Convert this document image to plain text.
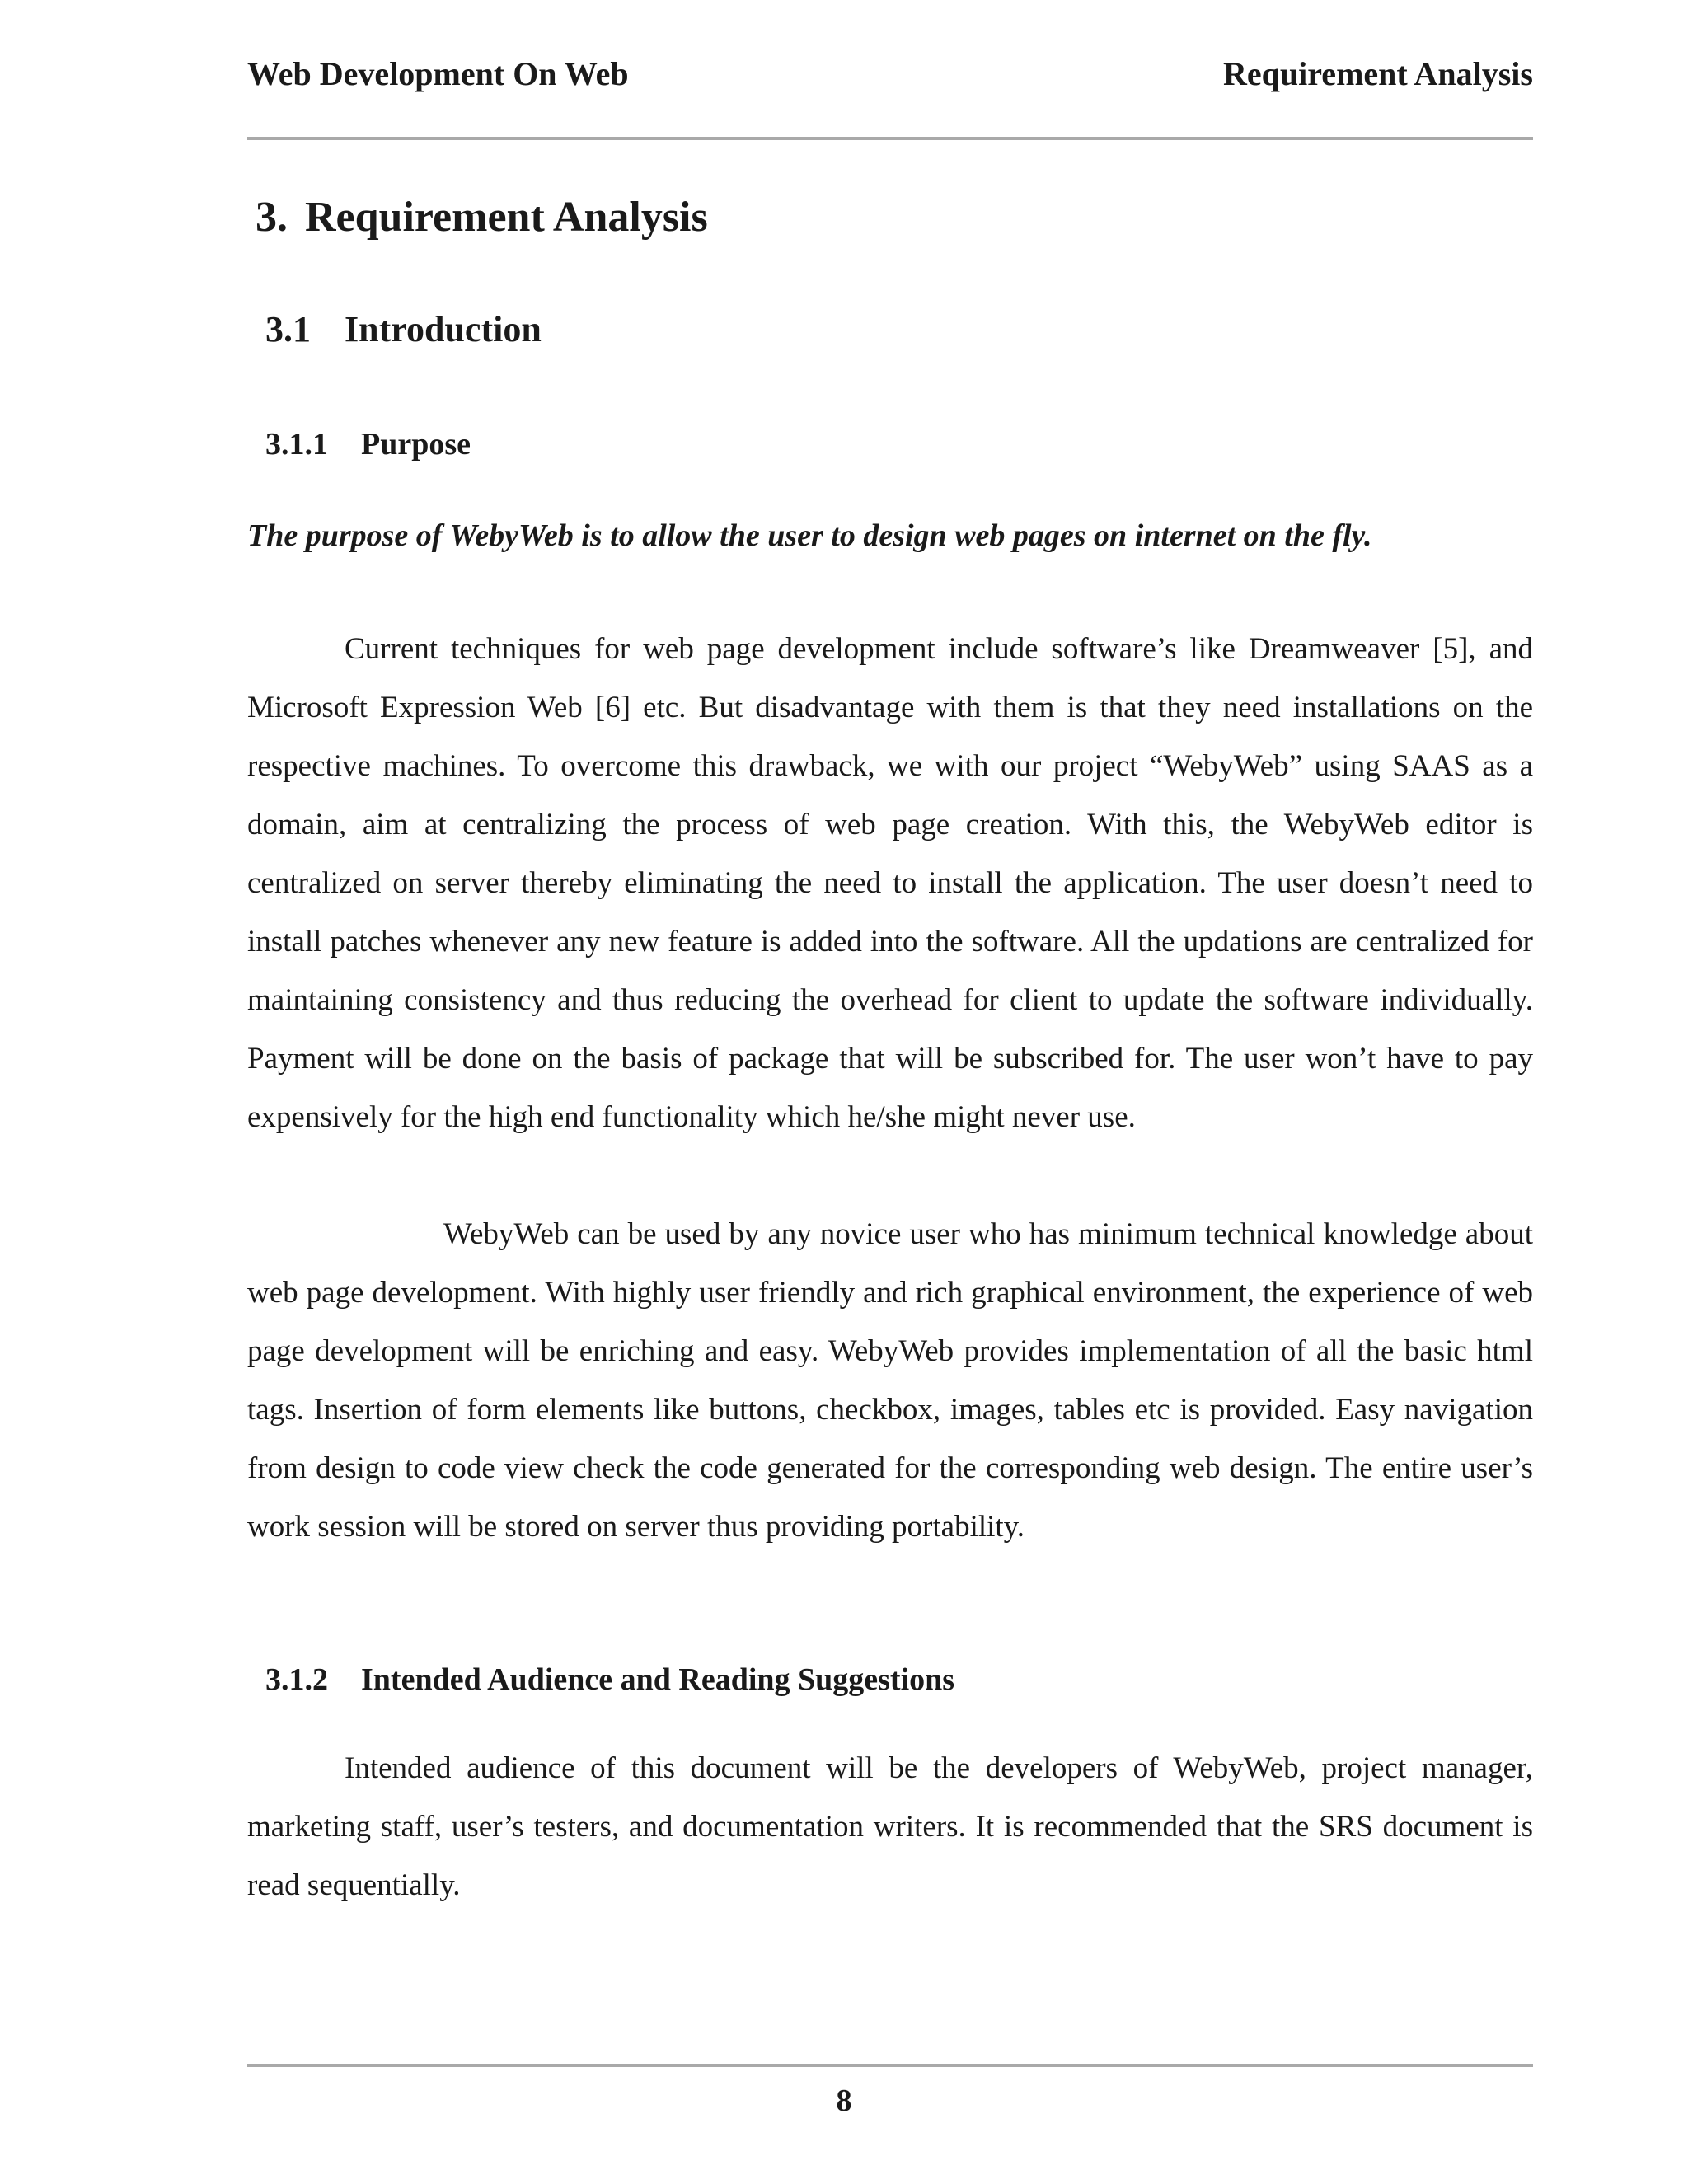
Web Development On Web	Requirement Analysis
3. Requirement Analysis
3.1 Introduction
3.1.1 Purpose
The purpose of WebyWeb is to allow the user to design web pages on internet on the fly.

Current techniques for web page development include software’s like Dreamweaver [5], and Microsoft Expression Web [6] etc. But disadvantage with them is that they need installations on the respective machines. To overcome this drawback, we with our project “WebyWeb” using SAAS as a domain, aim at centralizing the process of web page creation. With this, the WebyWeb editor is centralized on server thereby eliminating the need to install the application. The user doesn’t need to install patches whenever any new feature is added into the software. All the updations are centralized for maintaining consistency and thus reducing the overhead for client to update the software individually. Payment will be done on the basis of package that will be subscribed for. The user won’t have to pay expensively for the high end functionality which he/she might never use.

WebyWeb can be used by any novice user who has minimum technical knowledge about web page development. With highly user friendly and rich graphical environment, the experience of web page development will be enriching and easy. WebyWeb provides implementation of all the basic html tags. Insertion of form elements like buttons, checkbox, images, tables etc is provided. Easy navigation from design to code view check the code generated for the corresponding web design. The entire user’s work session will be stored on server thus providing portability.

3.1.2 Intended Audience and Reading Suggestions

Intended audience of this document will be the developers of WebyWeb, project manager, marketing staff, user’s testers, and documentation writers. It is recommended that the SRS document is read sequentially.

8
